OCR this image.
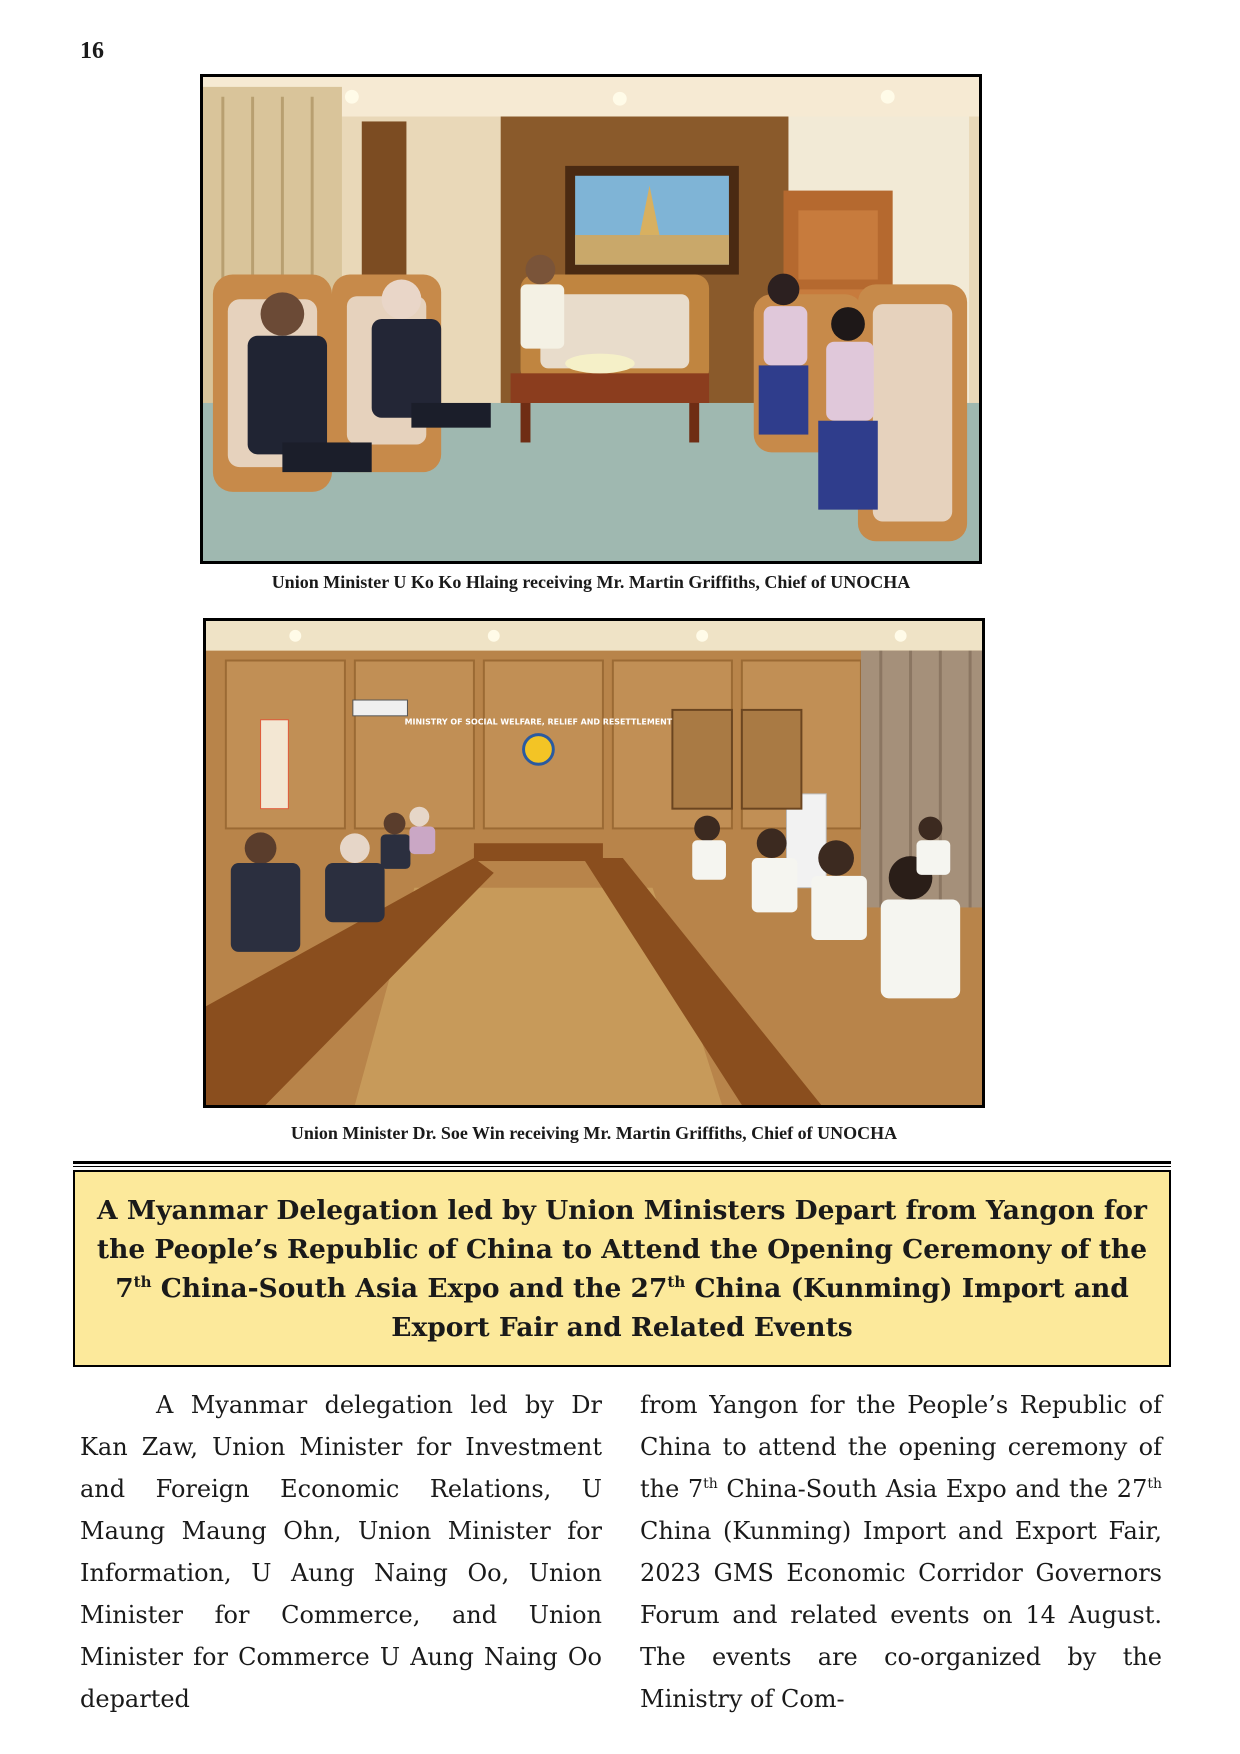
16
Union Minister U Ko Ko Hlaing receiving Mr. Martin Griffiths, Chief of UNOCHA
MINISTRY OF SOCIAL WELFARE, RELIEF AND RESETTLEMENT
Union Minister Dr. Soe Win receiving Mr. Martin Griffiths, Chief of UNOCHA
A Myanmar Delegation led by Union Ministers Depart from Yangon for the People’s Republic of China to Attend the Opening Ceremony of the 7th China-South Asia Expo and the 27th China (Kunming) Import and Export Fair and Related Events

A Myanmar delegation led by Dr Kan Zaw, Union Minister for Investment and Foreign Economic Relations, U Maung Maung Ohn, Union Minister for Information, U Aung Naing Oo, Union Minister for Commerce, and Union Minister for Commerce U Aung Naing Oo departed

from Yangon for the People’s Republic of China to attend the opening ceremony of the 7th China-South Asia Expo and the 27th China (Kunming) Import and Export Fair, 2023 GMS Economic Corridor Governors Forum and related events on 14 August. The events are co-organized by the Ministry of Com-
